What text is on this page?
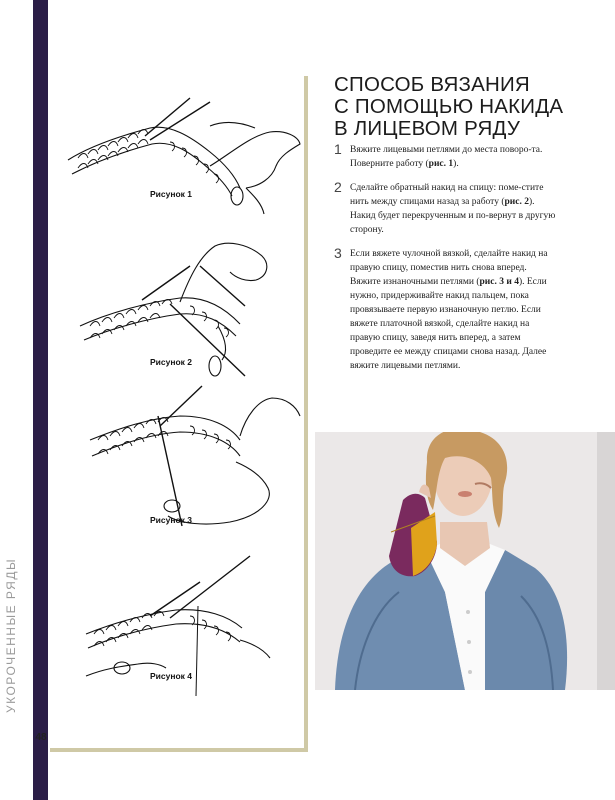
УКОРОЧЕННЫЕ РЯДЫ
48
Рисунок 1
Рисунок 2
Рисунок 3
Рисунок 4
СПОСОБ ВЯЗАНИЯ
С ПОМОЩЬЮ НАКИДА
В ЛИЦЕВОМ РЯДУ
1 Вяжите лицевыми петлями до места поворо-та. Поверните работу (рис. 1).
2 Сделайте обратный накид на спицу: поме-стите нить между спицами назад за работу (рис. 2). Накид будет перекрученным и по-вернут в другую сторону.
3 Если вяжете чулочной вязкой, сделайте накид на правую спицу, поместив нить снова вперед. Вяжите изнаночными петлями (рис. 3 и 4). Если нужно, придерживайте накид пальцем, пока провязываете первую изнаночную петлю. Если вяжете платочной вязкой, сделайте накид на правую спицу, заведя нить вперед, а затем проведите ее между спицами снова назад. Далее вяжите лицевыми петлями.
